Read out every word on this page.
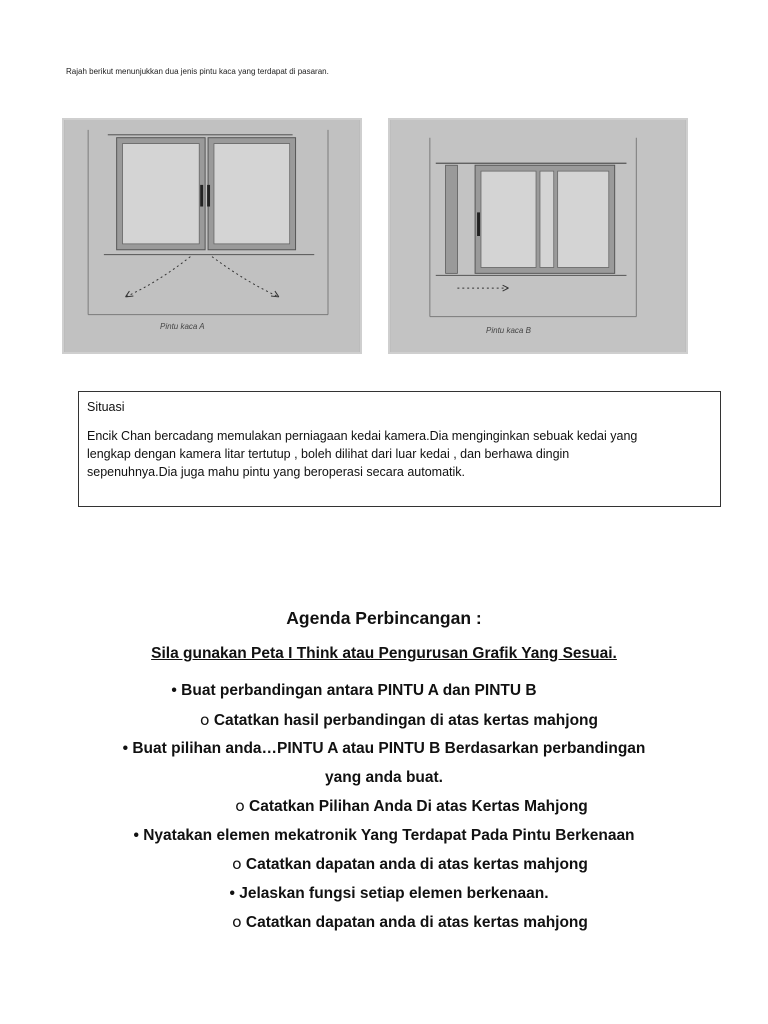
Rajah berikut menunjukkan dua jenis pintu kaca yang terdapat di pasaran.
Pintu kaca A	Pintu kaca B
Situasi
Encik Chan bercadang memulakan perniagaan kedai kamera.Dia menginginkan sebuak kedai yang
lengkap dengan kamera litar tertutup , boleh dilihat dari luar kedai , dan berhawa dingin
sepenuhnya.Dia juga mahu pintu yang beroperasi secara automatik.
Agenda Perbincangan :
Sila gunakan Peta I Think atau Pengurusan Grafik Yang Sesuai.
• Buat perbandingan antara PINTU A dan PINTU B
o Catatkan hasil perbandingan di atas kertas mahjong
• Buat pilihan anda…PINTU A atau PINTU B Berdasarkan perbandingan
yang anda buat.
o Catatkan Pilihan Anda Di atas Kertas Mahjong
• Nyatakan elemen mekatronik Yang Terdapat Pada Pintu Berkenaan
o Catatkan dapatan anda di atas kertas mahjong
• Jelaskan fungsi setiap elemen berkenaan.
o Catatkan dapatan anda di atas kertas mahjong
